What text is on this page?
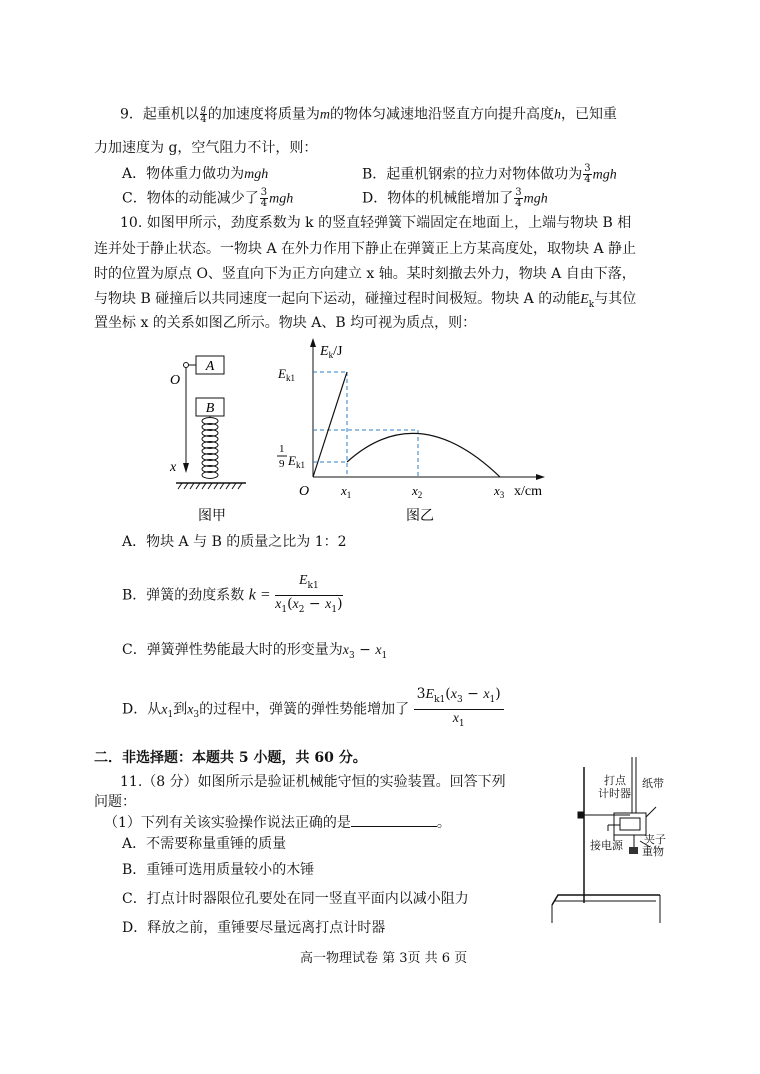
9．起重机以 $\frac{g}{4}$ 的加速度将质量为m的物体匀减速地沿竖直方向提升高度h，已知重
力加速度为 g，空气阻力不计，则：
A．物体重力做功为mgh	B．起重机钢索的拉力对物体做功为 $\frac{3}{4}$ mgh
C．物体的动能减少了 $\frac{3}{4}$ mgh	D．物体的机械能增加了 $\frac{3}{4}$ mgh
10. 如图甲所示，劲度系数为 k 的竖直轻弹簧下端固定在地面上，上端与物块 B 相
连并处于静止状态。一物块 A 在外力作用下静止在弹簧正上方某高度处，取物块 A 静止
时的位置为原点 O、竖直向下为正方向建立 x 轴。某时刻撤去外力，物块 A 自由下落，
与物块 B 碰撞后以共同速度一起向下运动，碰撞过程时间极短。物块 A 的动能$E_k$与其位
置坐标 x 的关系如图乙所示。物块 A、B 均可视为质点，则：
A
O
B
x
图甲
$E_k/J$
$E_{k1}$
1
9 $E_{k1}$
O $x_1$	$x_2$	$x_3$ x/cm
图乙
A．物块 A 与 B 的质量之比为 1：2
B．弹簧的劲度系数 $k = \frac{E_{k1}}{x_1(x_2 - x_1)}$
C．弹簧弹性势能最大时的形变量为$x_3 - x_1$
D．从$x_1$到$x_3$的过程中，弹簧的弹性势能增加了 $\frac{3E_{k1}(x_3 - x_1)}{x_1}$
二．非选择题：本题共 5 小题，共 60 分。
11.（8 分）如图所示是验证机械能守恒的实验装置。回答下列
问题：
（1）下列有关该实验操作说法正确的是	。
A．不需要称量重锤的质量
B．重锤可选用质量较小的木锤
C．打点计时器限位孔要处在同一竖直平面内以减小阻力
D．释放之前，重锤要尽量远离打点计时器
打点
计时器
纸带
接电源 夹子
重物
高一物理试卷 第 3页 共 6 页
